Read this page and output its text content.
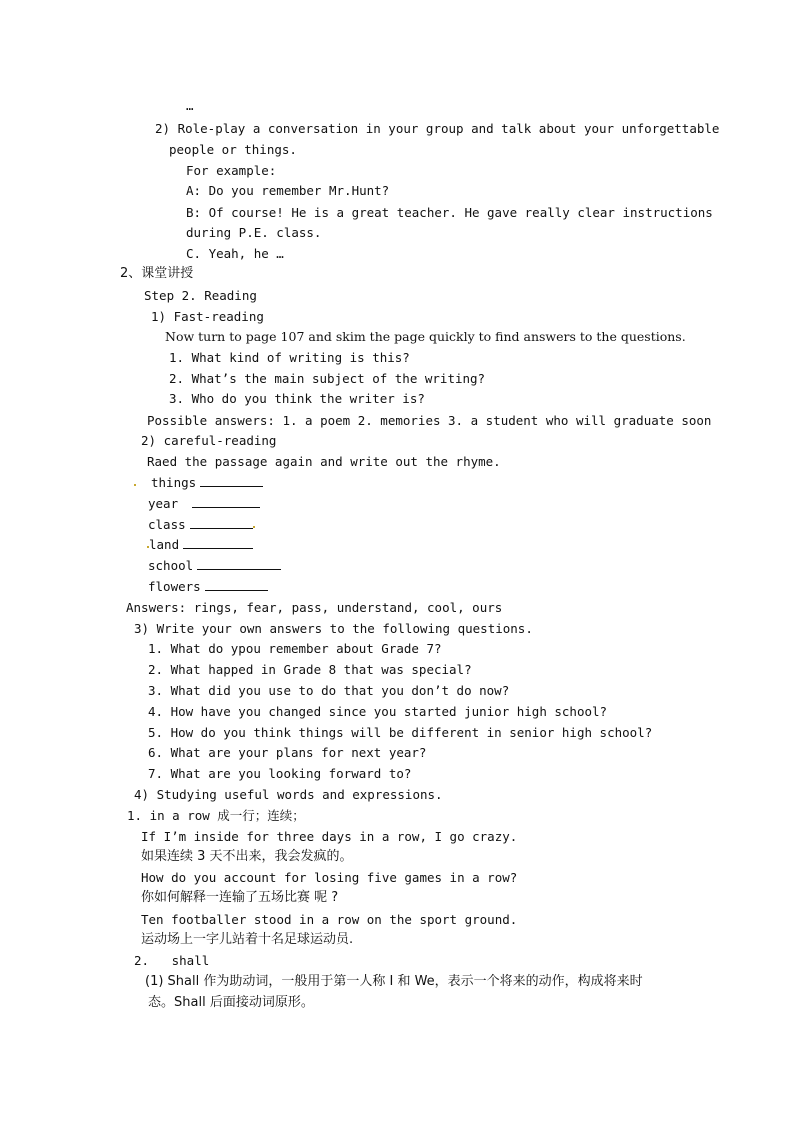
…
2) Role-play a conversation in your group and talk about your unforgettable
people or things.
For example:
A: Do you remember Mr.Hunt?
B: Of course! He is a great teacher. He gave really clear instructions
during P.E. class.
C. Yeah, he …
2、课堂讲授
Step 2. Reading
1) Fast-reading
Now turn to page 107 and skim the page quickly to find answers to the questions.
1. What kind of writing is this?
2. What’s the main subject of the writing?
3. Who do you think the writer is?
Possible answers: 1. a poem 2. memories 3. a student who will graduate soon
2) careful-reading
Raed the passage again and write out the rhyme.
things
year
class
land
school
flowers
Answers: rings, fear, pass, understand, cool, ours
3) Write your own answers to the following questions.
1. What do ypou remember about Grade 7?
2. What happed in Grade 8 that was special?
3. What did you use to do that you don’t do now?
4. How have you changed since you started junior high school?
5. How do you think things will be different in senior high school?
6. What are your plans for next year?
7. What are you looking forward to?
4) Studying useful words and expressions.
1. in a row 成一行；连续；
If I’m inside for three days in a row, I go crazy.
如果连续 3 天不出来，我会发疯的。
How do you account for losing five games in a row?
你如何解释一连输了五场比赛 呢 ?
Ten footballer stood in a row on the sport ground.
运动场上一字儿站着十名足球运动员.
2.   shall
(1) Shall 作为助动词，一般用于第一人称 I 和 We，表示一个将来的动作，构成将来时
态。Shall 后面接动词原形。
